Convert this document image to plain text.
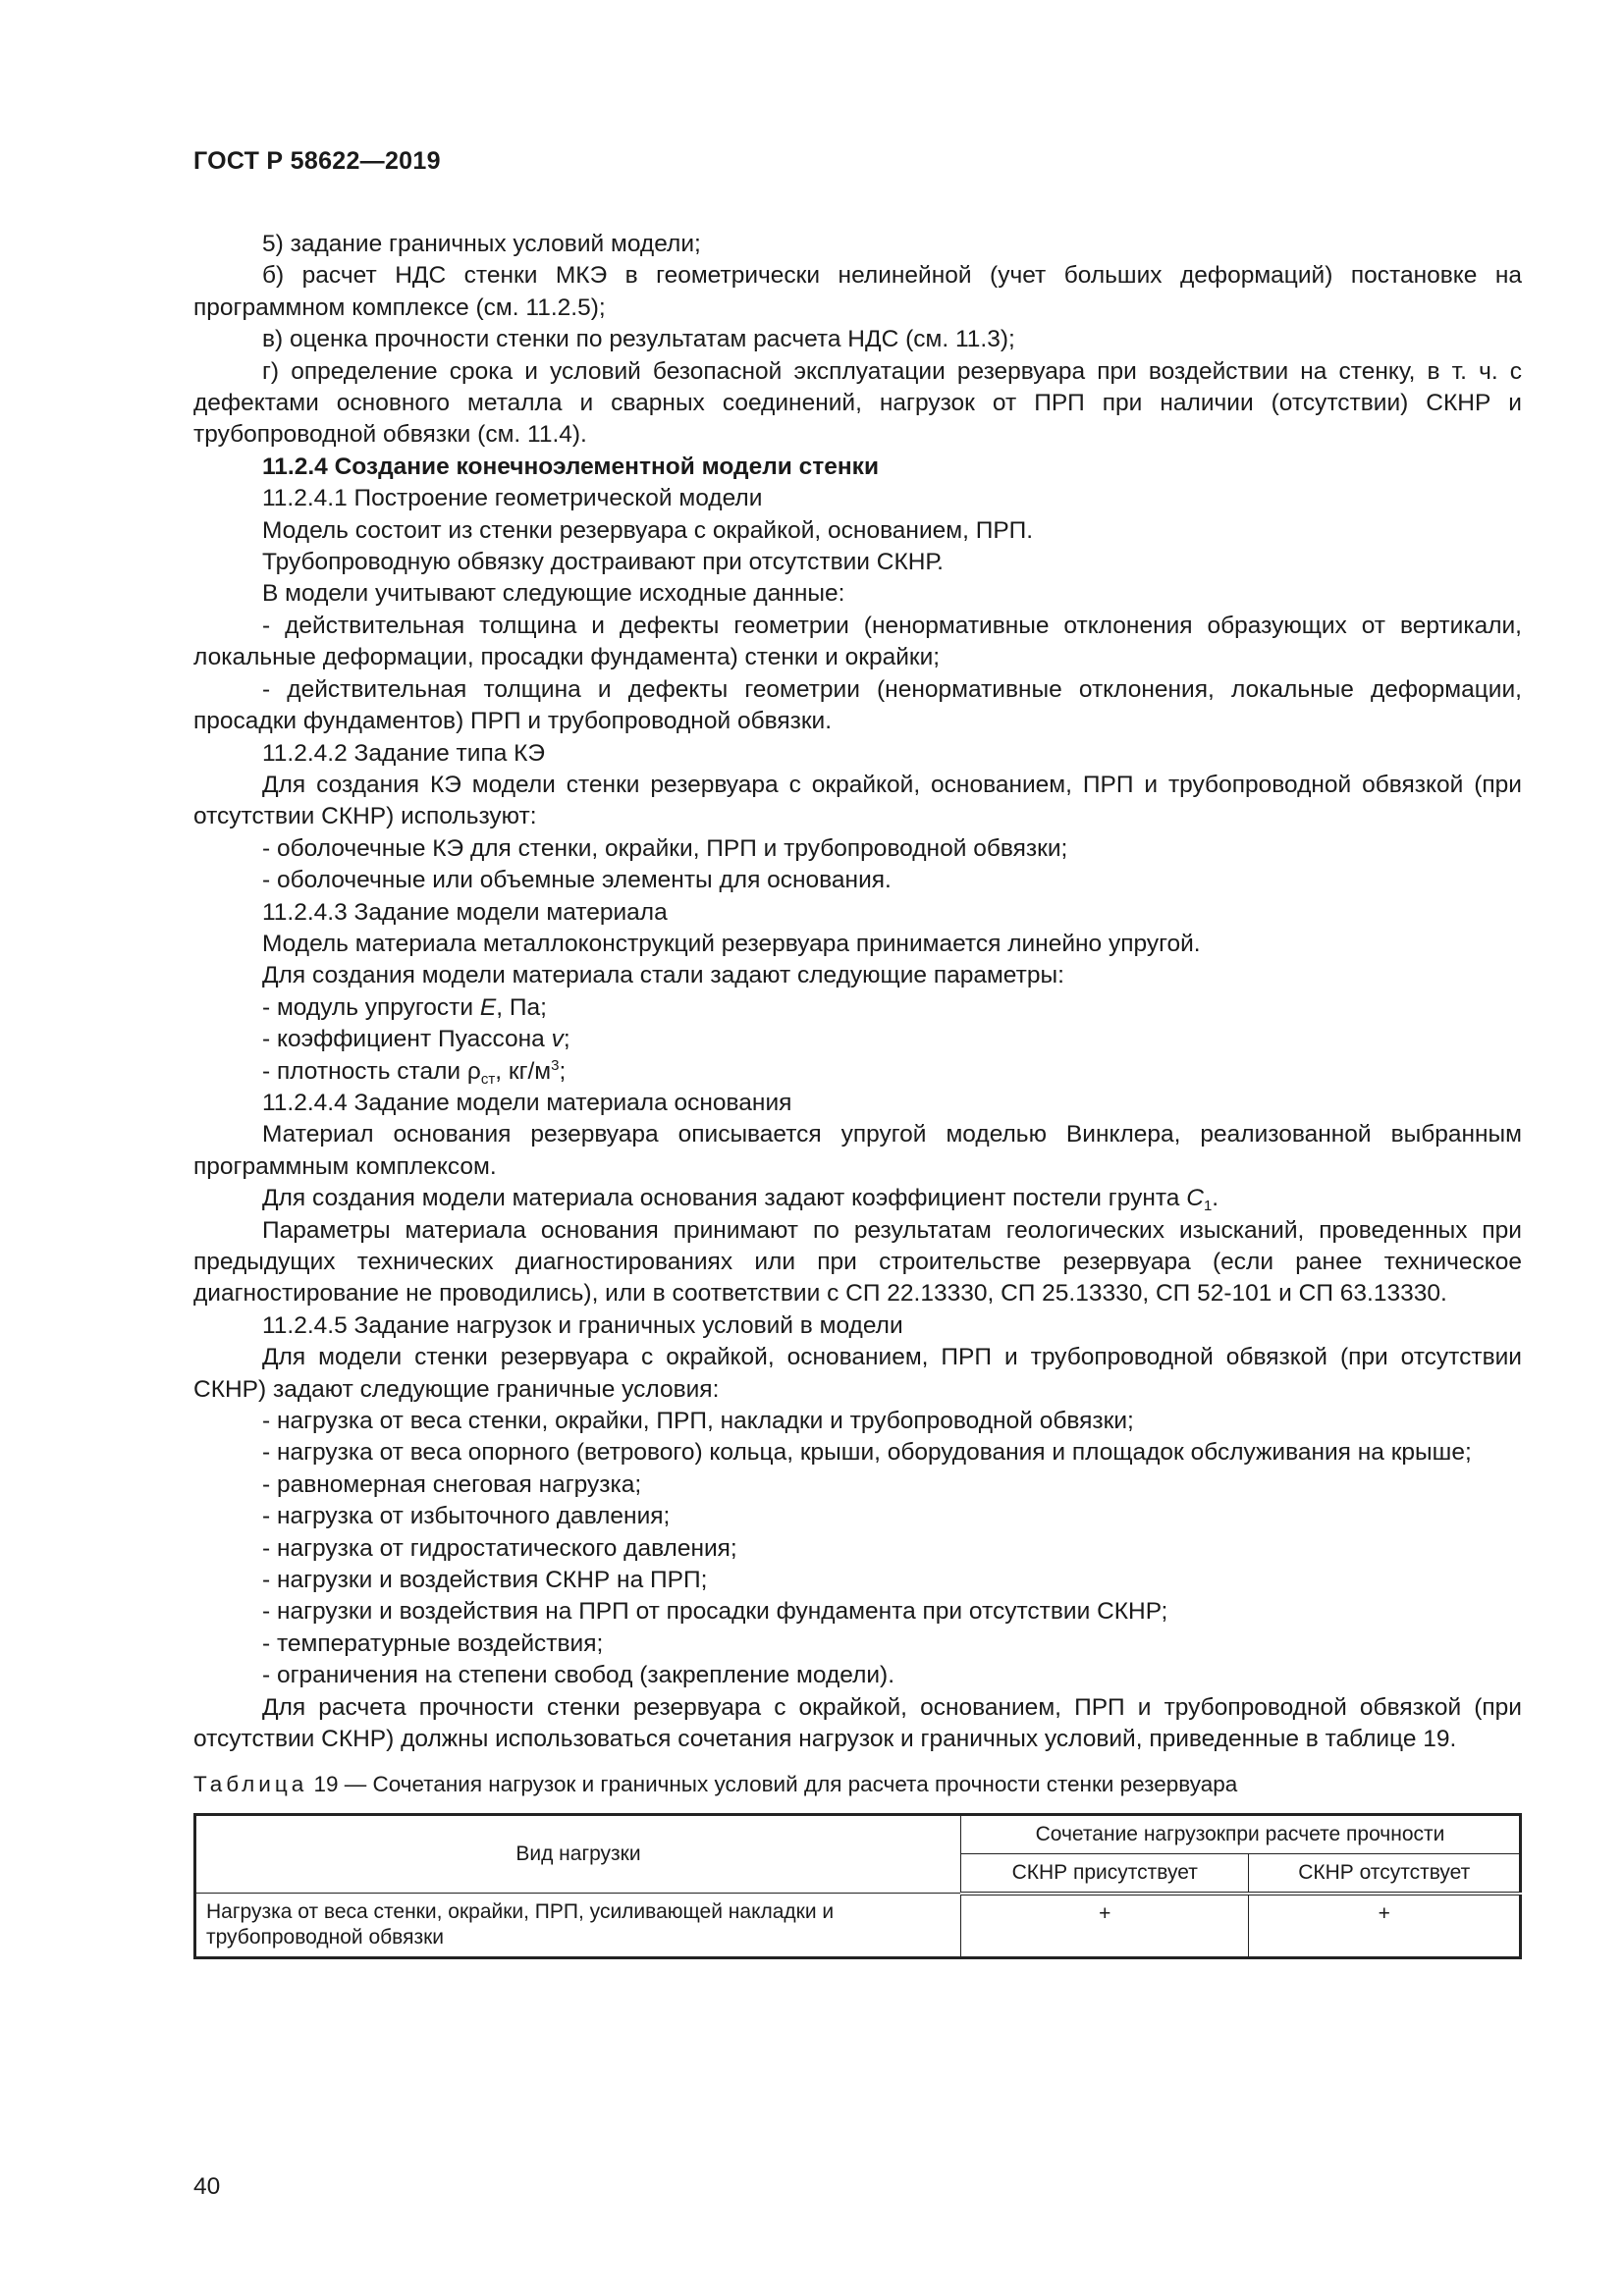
ГОСТ Р 58622—2019

5) задание граничных условий модели;

б) расчет НДС стенки МКЭ в геометрически нелинейной (учет больших деформаций) постановке на программном комплексе (см. 11.2.5);

в) оценка прочности стенки по результатам расчета НДС (см. 11.3);

г) определение срока и условий безопасной эксплуатации резервуара при воздействии на стенку, в т. ч. с дефектами основного металла и сварных соединений, нагрузок от ПРП при наличии (отсутствии) СКНР и трубопроводной обвязки (см. 11.4).

11.2.4 Создание конечноэлементной модели стенки

11.2.4.1 Построение геометрической модели

Модель состоит из стенки резервуара с окрайкой, основанием, ПРП.

Трубопроводную обвязку достраивают при отсутствии СКНР.

В модели учитывают следующие исходные данные:

- действительная толщина и дефекты геометрии (ненормативные отклонения образующих от вертикали, локальные деформации, просадки фундамента) стенки и окрайки;

- действительная толщина и дефекты геометрии (ненормативные отклонения, локальные деформации, просадки фундаментов) ПРП и трубопроводной обвязки.

11.2.4.2 Задание типа КЭ

Для создания КЭ модели стенки резервуара с окрайкой, основанием, ПРП и трубопроводной обвязкой (при отсутствии СКНР) используют:

- оболочечные КЭ для стенки, окрайки, ПРП и трубопроводной обвязки;

- оболочечные или объемные элементы для основания.

11.2.4.3 Задание модели материала

Модель материала металлоконструкций резервуара принимается линейно упругой.

Для создания модели материала стали задают следующие параметры:

- модуль упругости E, Па;

- коэффициент Пуассона v;

- плотность стали $\rho_{ст}$, $кг/м^3$;

11.2.4.4 Задание модели материала основания

Материал основания резервуара описывается упругой моделью Винклера, реализованной выбранным программным комплексом.

Для создания модели материала основания задают коэффициент постели грунта $C_1$.

Параметры материала основания принимают по результатам геологических изысканий, проведенных при предыдущих технических диагностированиях или при строительстве резервуара (если ранее техническое диагностирование не проводились), или в соответствии с СП 22.13330, СП 25.13330, СП 52-101 и СП 63.13330.

11.2.4.5 Задание нагрузок и граничных условий в модели

Для модели стенки резервуара с окрайкой, основанием, ПРП и трубопроводной обвязкой (при отсутствии СКНР) задают следующие граничные условия:

- нагрузка от веса стенки, окрайки, ПРП, накладки и трубопроводной обвязки;

- нагрузка от веса опорного (ветрового) кольца, крыши, оборудования и площадок обслуживания на крыше;

- равномерная снеговая нагрузка;

- нагрузка от избыточного давления;

- нагрузка от гидростатического давления;

- нагрузки и воздействия СКНР на ПРП;

- нагрузки и воздействия на ПРП от просадки фундамента при отсутствии СКНР;

- температурные воздействия;

- ограничения на степени свобод (закрепление модели).

Для расчета прочности стенки резервуара с окрайкой, основанием, ПРП и трубопроводной обвязкой (при отсутствии СКНР) должны использоваться сочетания нагрузок и граничных условий, приведенные в таблице 19.

Таблица 19 — Сочетания нагрузок и граничных условий для расчета прочности стенки резервуара
Вид нагрузки	Сочетание нагрузокпри расчете прочности	
	СКНР присутствует	СКНР отсутствует
Нагрузка от веса стенки, окрайки, ПРП, усиливающей накладки и трубопроводной обвязки	+	+
40
